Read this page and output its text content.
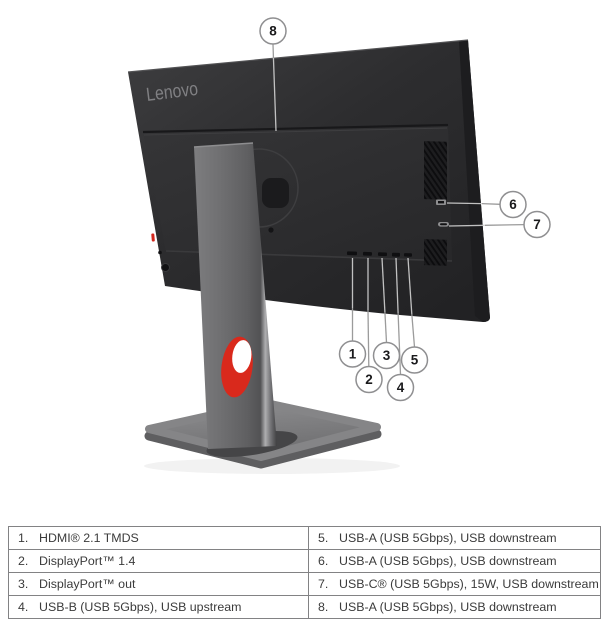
Lenovo
1
2
3
4
5
6
7
8
1. HDMI® 2.1 TMDS	5. USB-A (USB 5Gbps), USB downstream
2. DisplayPort™ 1.4	6. USB-A (USB 5Gbps), USB downstream
3. DisplayPort™ out	7. USB-C® (USB 5Gbps), 15W, USB downstream
4. USB-B (USB 5Gbps), USB upstream	8. USB-A (USB 5Gbps), USB downstream
